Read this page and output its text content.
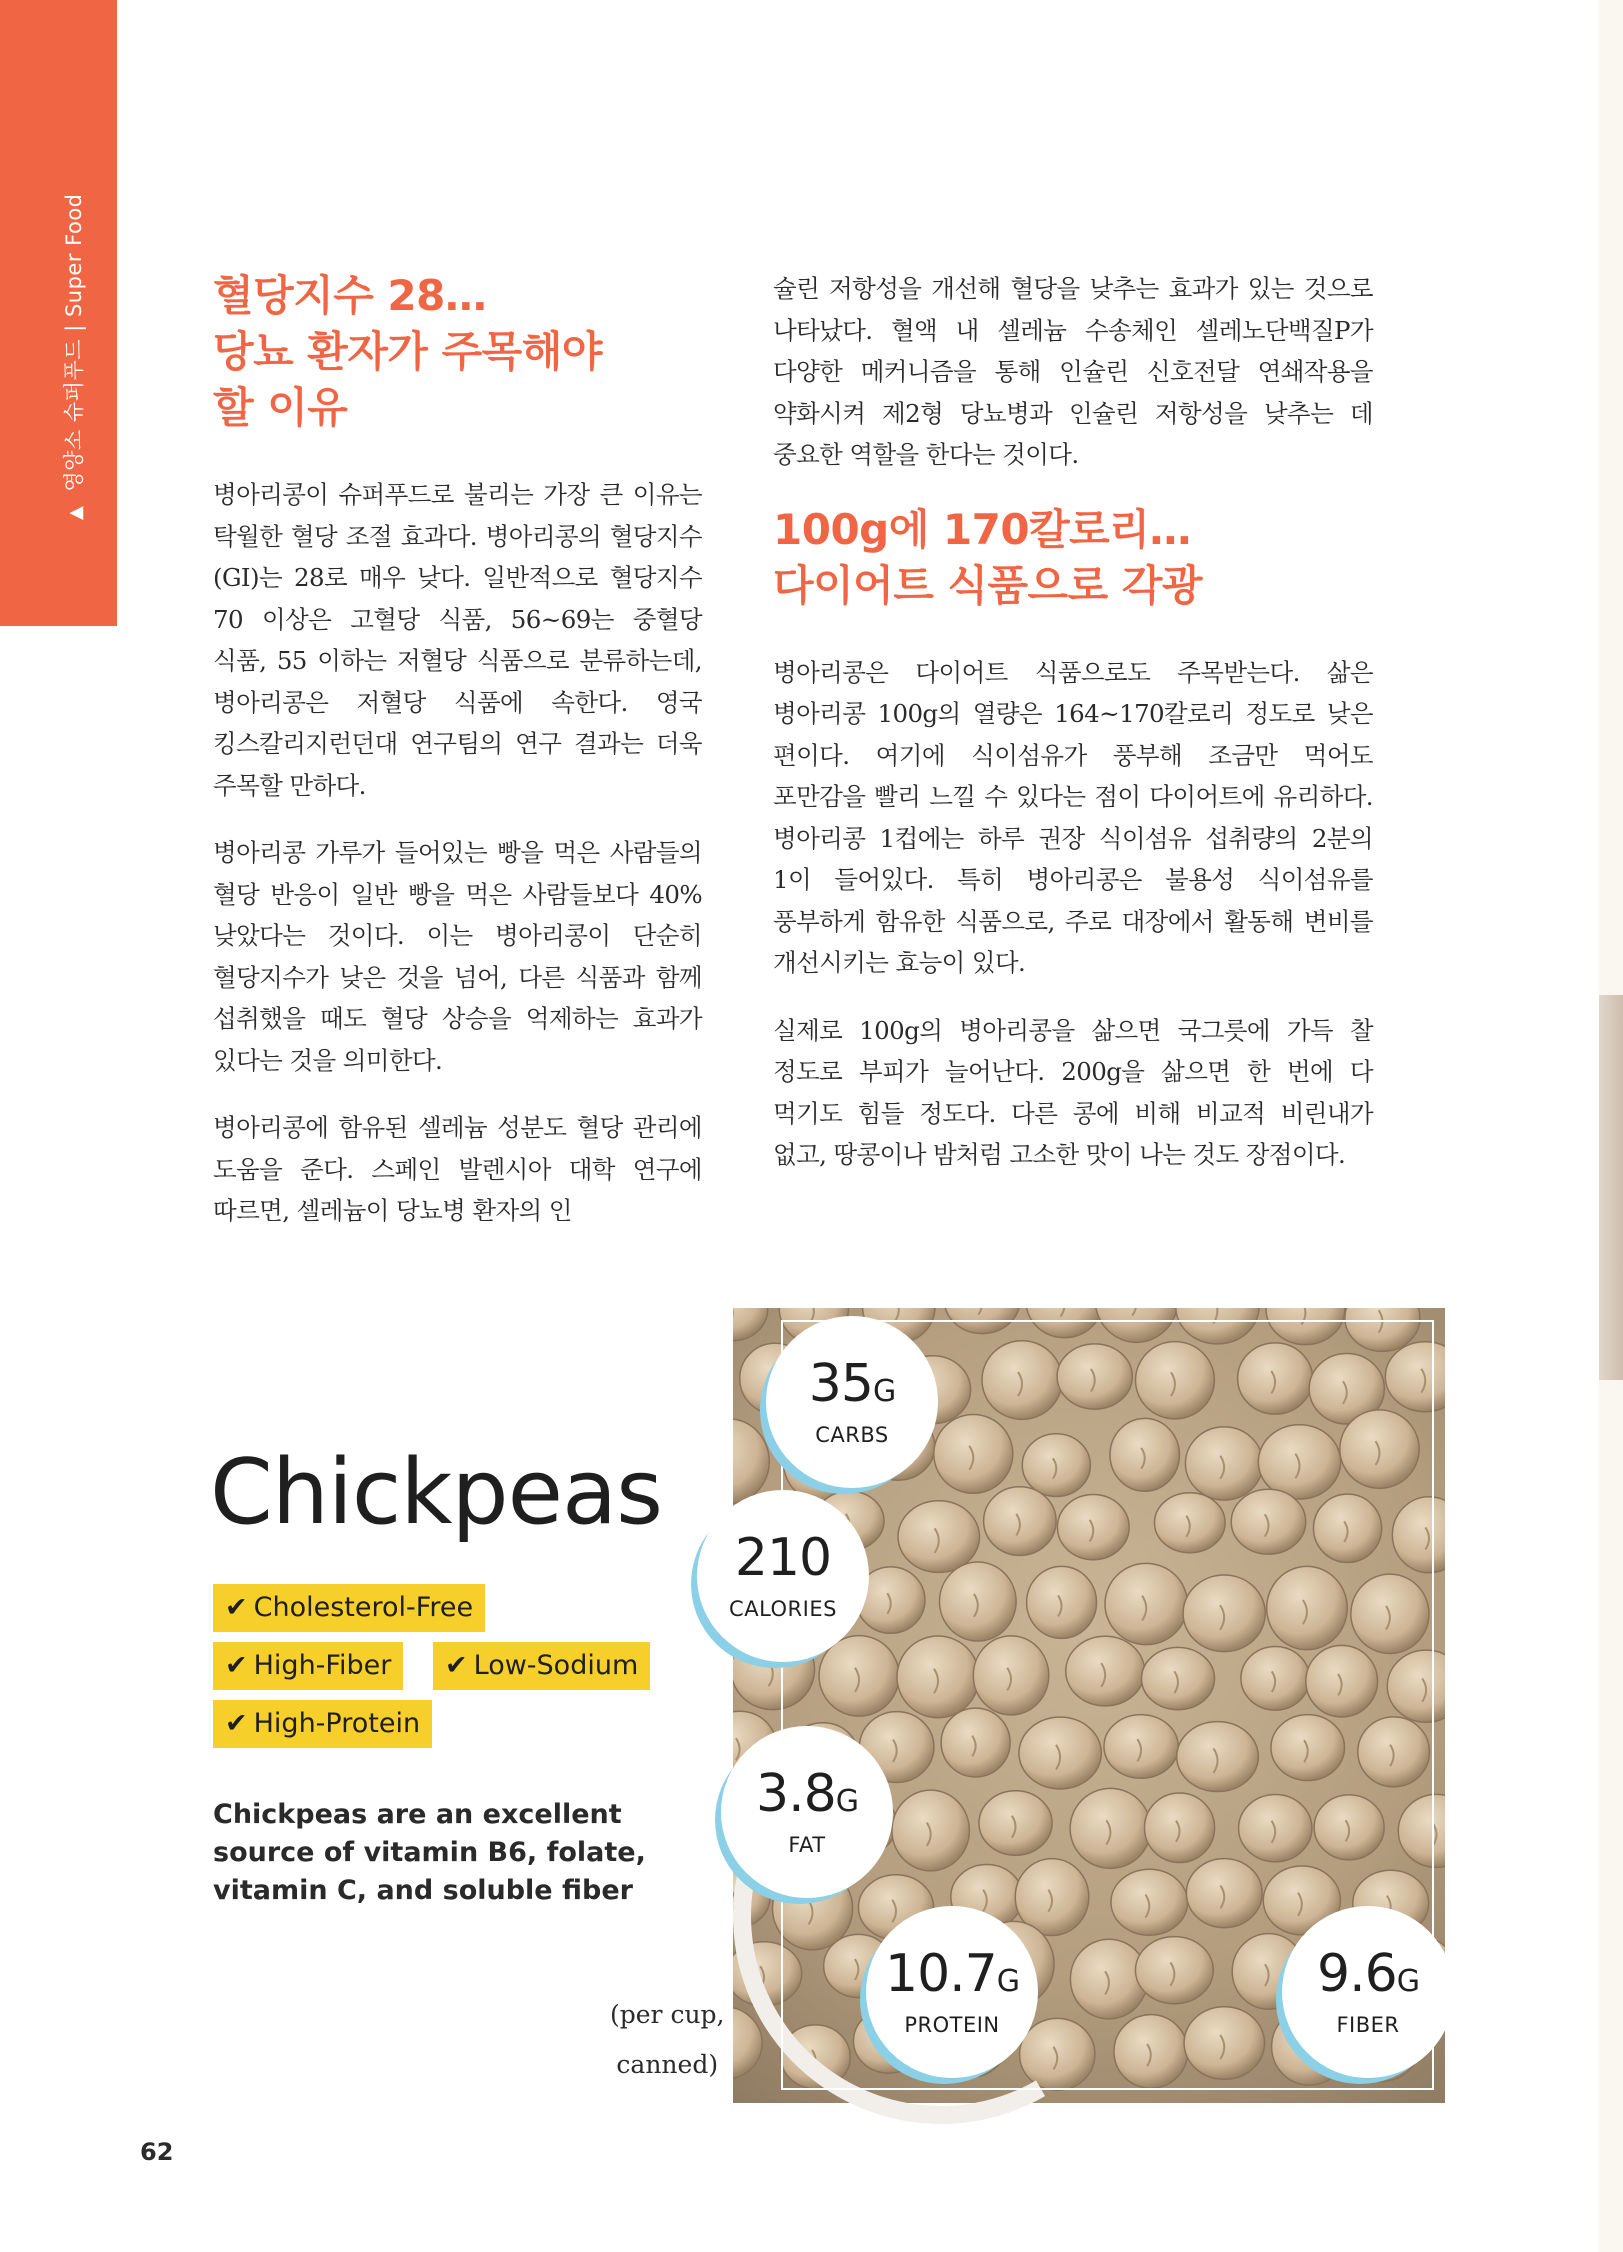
▲영양소 슈퍼푸드 | Super Food	혈당지수 28…
당뇨 환자가 주목해야
할 이유

병아리콩이 슈퍼푸드로 불리는 가장 큰 이유는 탁월한 혈당 조절 효과다. 병아리콩의 혈당지수(GI)는 28로 매우 낮다. 일반적으로 혈당지수 70 이상은 고혈당 식품, 56~69는 중혈당 식품, 55 이하는 저혈당 식품으로 분류하는데, 병아리콩은 저혈당 식품에 속한다. 영국 킹스칼리지런던대 연구팀의 연구 결과는 더욱 주목할 만하다.

병아리콩 가루가 들어있는 빵을 먹은 사람들의 혈당 반응이 일반 빵을 먹은 사람들보다 40% 낮았다는 것이다. 이는 병아리콩이 단순히 혈당지수가 낮은 것을 넘어, 다른 식품과 함께 섭취했을 때도 혈당 상승을 억제하는 효과가 있다는 것을 의미한다.

병아리콩에 함유된 셀레늄 성분도 혈당 관리에 도움을 준다. 스페인 발렌시아 대학 연구에 따르면, 셀레늄이 당뇨병 환자의 인

슐린 저항성을 개선해 혈당을 낮추는 효과가 있는 것으로 나타났다. 혈액 내 셀레늄 수송체인 셀레노단백질P가 다양한 메커니즘을 통해 인슐린 신호전달 연쇄작용을 약화시켜 제2형 당뇨병과 인슐린 저항성을 낮추는 데 중요한 역할을 한다는 것이다.

100g에 170칼로리…
다이어트 식품으로 각광

병아리콩은 다이어트 식품으로도 주목받는다. 삶은 병아리콩 100g의 열량은 164~170칼로리 정도로 낮은 편이다. 여기에 식이섬유가 풍부해 조금만 먹어도 포만감을 빨리 느낄 수 있다는 점이 다이어트에 유리하다. 병아리콩 1컵에는 하루 권장 식이섬유 섭취량의 2분의 1이 들어있다. 특히 병아리콩은 불용성 식이섬유를 풍부하게 함유한 식품으로, 주로 대장에서 활동해 변비를 개선시키는 효능이 있다.

실제로 100g의 병아리콩을 삶으면 국그릇에 가득 찰 정도로 부피가 늘어난다. 200g을 삶으면 한 번에 다 먹기도 힘들 정도다. 다른 콩에 비해 비교적 비린내가 없고, 땅콩이나 밤처럼 고소한 맛이 나는 것도 장점이다.

Chickpeas
✔ Cholesterol-Free
✔ High-Fiber	✔ Low-Sodium
✔ High-Protein

Chickpeas are an excellent source of vitamin B6, folate, vitamin C, and soluble fiber

(per cup,
canned)
35G
CARBS
210
CALORIES
3.8G
FAT
10.7G
PROTEIN
9.6G
FIBER
62
